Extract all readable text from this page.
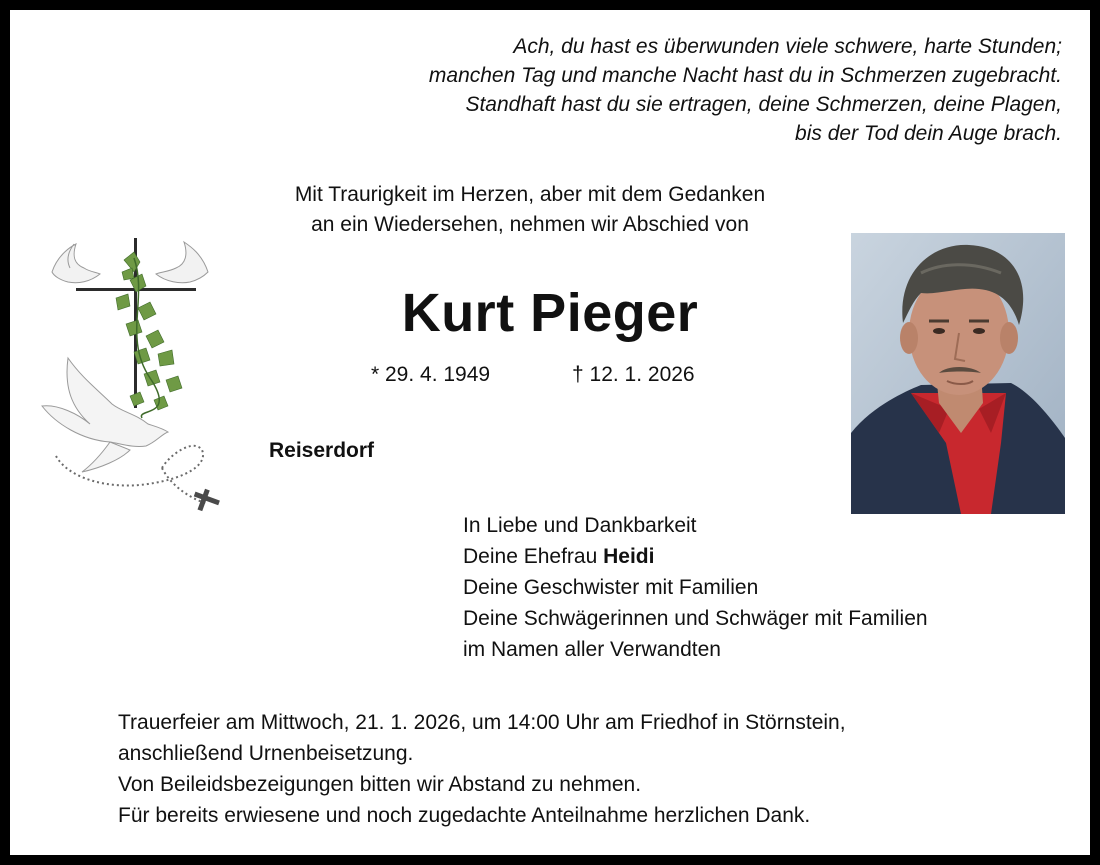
Ach, du hast es überwunden viele schwere, harte Stunden;
manchen Tag und manche Nacht hast du in Schmerzen zugebracht.
Standhaft hast du sie ertragen, deine Schmerzen, deine Plagen,
bis der Tod dein Auge brach.
Mit Traurigkeit im Herzen, aber mit dem Gedanken
an ein Wiedersehen, nehmen wir Abschied von
Kurt Pieger
* 29. 4. 1949	† 12. 1. 2026
Reiserdorf
In Liebe und Dankbarkeit
Deine Ehefrau Heidi
Deine Geschwister mit Familien
Deine Schwägerinnen und Schwäger mit Familien
im Namen aller Verwandten
Trauerfeier am Mittwoch, 21. 1. 2026, um 14:00 Uhr am Friedhof in Störnstein,
anschließend Urnenbeisetzung.
Von Beileidsbezeigungen bitten wir Abstand zu nehmen.
Für bereits erwiesene und noch zugedachte Anteilnahme herzlichen Dank.
